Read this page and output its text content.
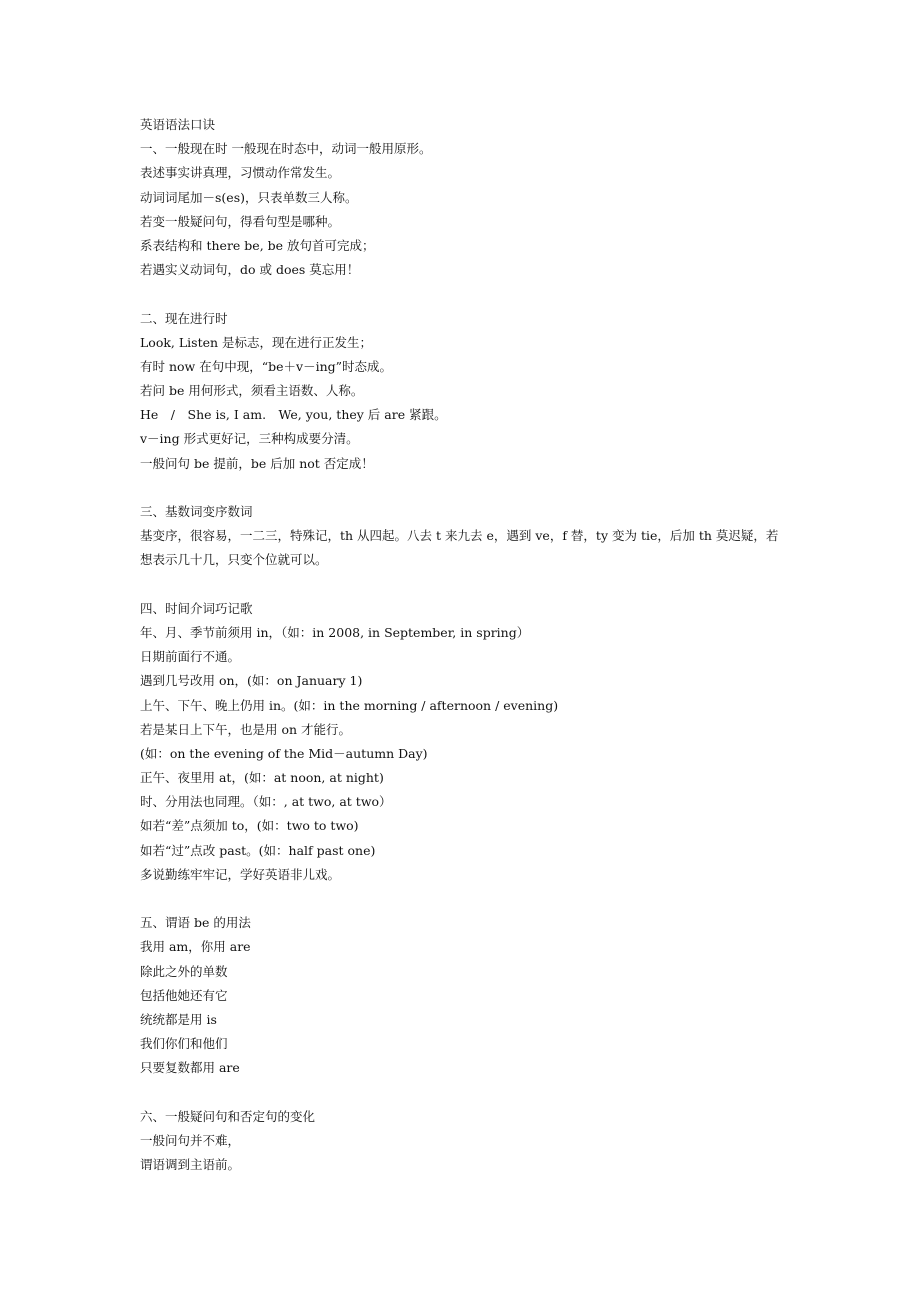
英语语法口诀
一、一般现在时 一般现在时态中，动词一般用原形。
表述事实讲真理，习惯动作常发生。
动词词尾加－s(es)，只表单数三人称。
若变一般疑问句，得看句型是哪种。
系表结构和 there be, be 放句首可完成；
若遇实义动词句，do 或 does 莫忘用！
二、现在进行时
Look, Listen 是标志，现在进行正发生；
有时 now 在句中现，“be＋v－ing”时态成。
若问 be 用何形式，须看主语数、人称。
He　/　She is, I am.　We, you, they 后 are 紧跟。
v－ing 形式更好记，三种构成要分清。
一般问句 be 提前，be 后加 not 否定成！
三、基数词变序数词
基变序，很容易，一二三，特殊记，th 从四起。八去 t 来九去 e，遇到 ve，f 替，ty 变为 tie，后加 th 莫迟疑，若想表示几十几，只变个位就可以。
四、时间介词巧记歌
年、月、季节前须用 in，（如：in 2008, in September, in spring）
日期前面行不通。
遇到几号改用 on，(如：on January 1)
上午、下午、晚上仍用 in。(如：in the morning / afternoon / evening)
若是某日上下午，也是用 on 才能行。
(如：on the evening of the Mid－autumn Day)
正午、夜里用 at，(如：at noon, at night)
时、分用法也同理。（如：, at two, at two）
如若“差”点须加 to，(如：two to two)
如若“过”点改 past。(如：half past one)
多说勤练牢牢记，学好英语非儿戏。
五、谓语 be 的用法
我用 am，你用 are
除此之外的单数
包括他她还有它
统统都是用 is
我们你们和他们
只要复数都用 are
六、一般疑问句和否定句的变化
一般问句并不难，
谓语调到主语前。
